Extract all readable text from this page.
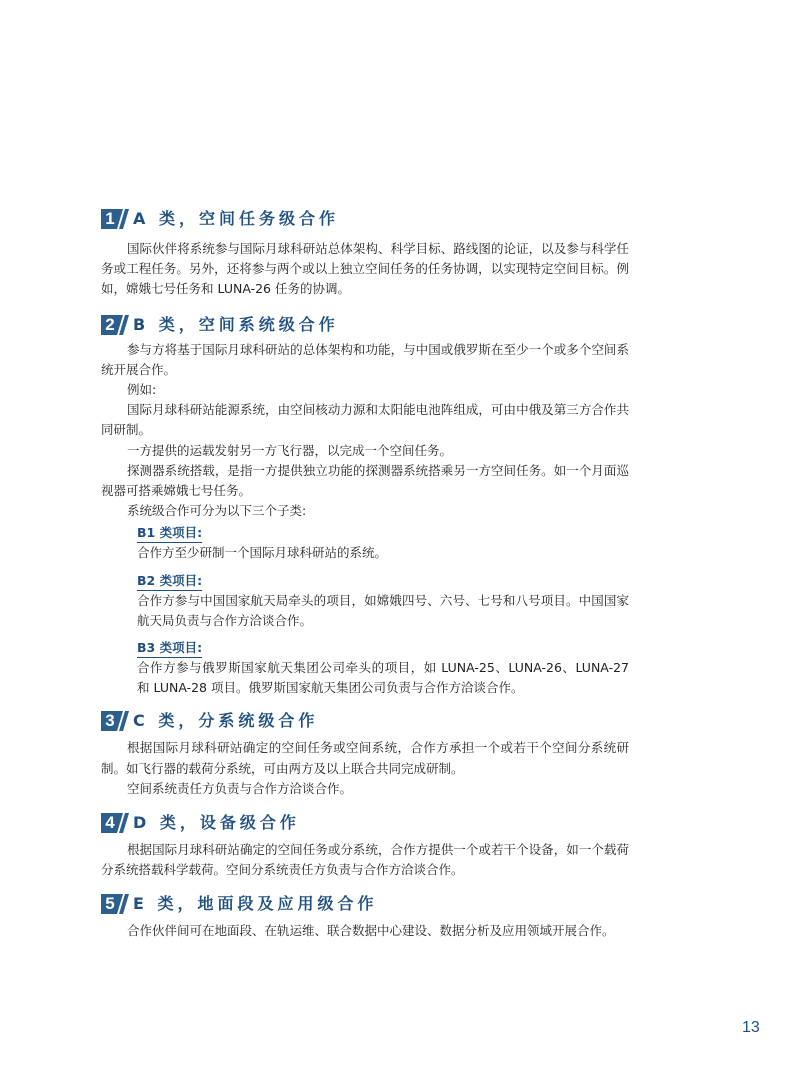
1 A 类，空间任务级合作

国际伙伴将系统参与国际月球科研站总体架构、科学目标、路线图的论证，以及参与科学任务或工程任务。另外，还将参与两个或以上独立空间任务的任务协调，以实现特定空间目标。例如，嫦娥七号任务和 LUNA-26 任务的协调。

2 B 类，空间系统级合作

参与方将基于国际月球科研站的总体架构和功能，与中国或俄罗斯在至少一个或多个空间系统开展合作。

例如:

国际月球科研站能源系统，由空间核动力源和太阳能电池阵组成，可由中俄及第三方合作共同研制。

一方提供的运载发射另一方飞行器，以完成一个空间任务。

探测器系统搭载，是指一方提供独立功能的探测器系统搭乘另一方空间任务。如一个月面巡视器可搭乘嫦娥七号任务。

系统级合作可分为以下三个子类:

B1 类项目:

合作方至少研制一个国际月球科研站的系统。

B2 类项目:

合作方参与中国国家航天局牵头的项目，如嫦娥四号、六号、七号和八号项目。中国国家航天局负责与合作方洽谈合作。

B3 类项目:

合作方参与俄罗斯国家航天集团公司牵头的项目，如 LUNA-25、LUNA-26、LUNA-27 和 LUNA-28 项目。俄罗斯国家航天集团公司负责与合作方洽谈合作。

3 C 类，分系统级合作

根据国际月球科研站确定的空间任务或空间系统，合作方承担一个或若干个空间分系统研制。如飞行器的载荷分系统，可由两方及以上联合共同完成研制。

空间系统责任方负责与合作方洽谈合作。

4 D 类，设备级合作

根据国际月球科研站确定的空间任务或分系统，合作方提供一个或若干个设备，如一个载荷分系统搭载科学载荷。空间分系统责任方负责与合作方洽谈合作。

5 E 类，地面段及应用级合作

合作伙伴间可在地面段、在轨运维、联合数据中心建设、数据分析及应用领域开展合作。

13
